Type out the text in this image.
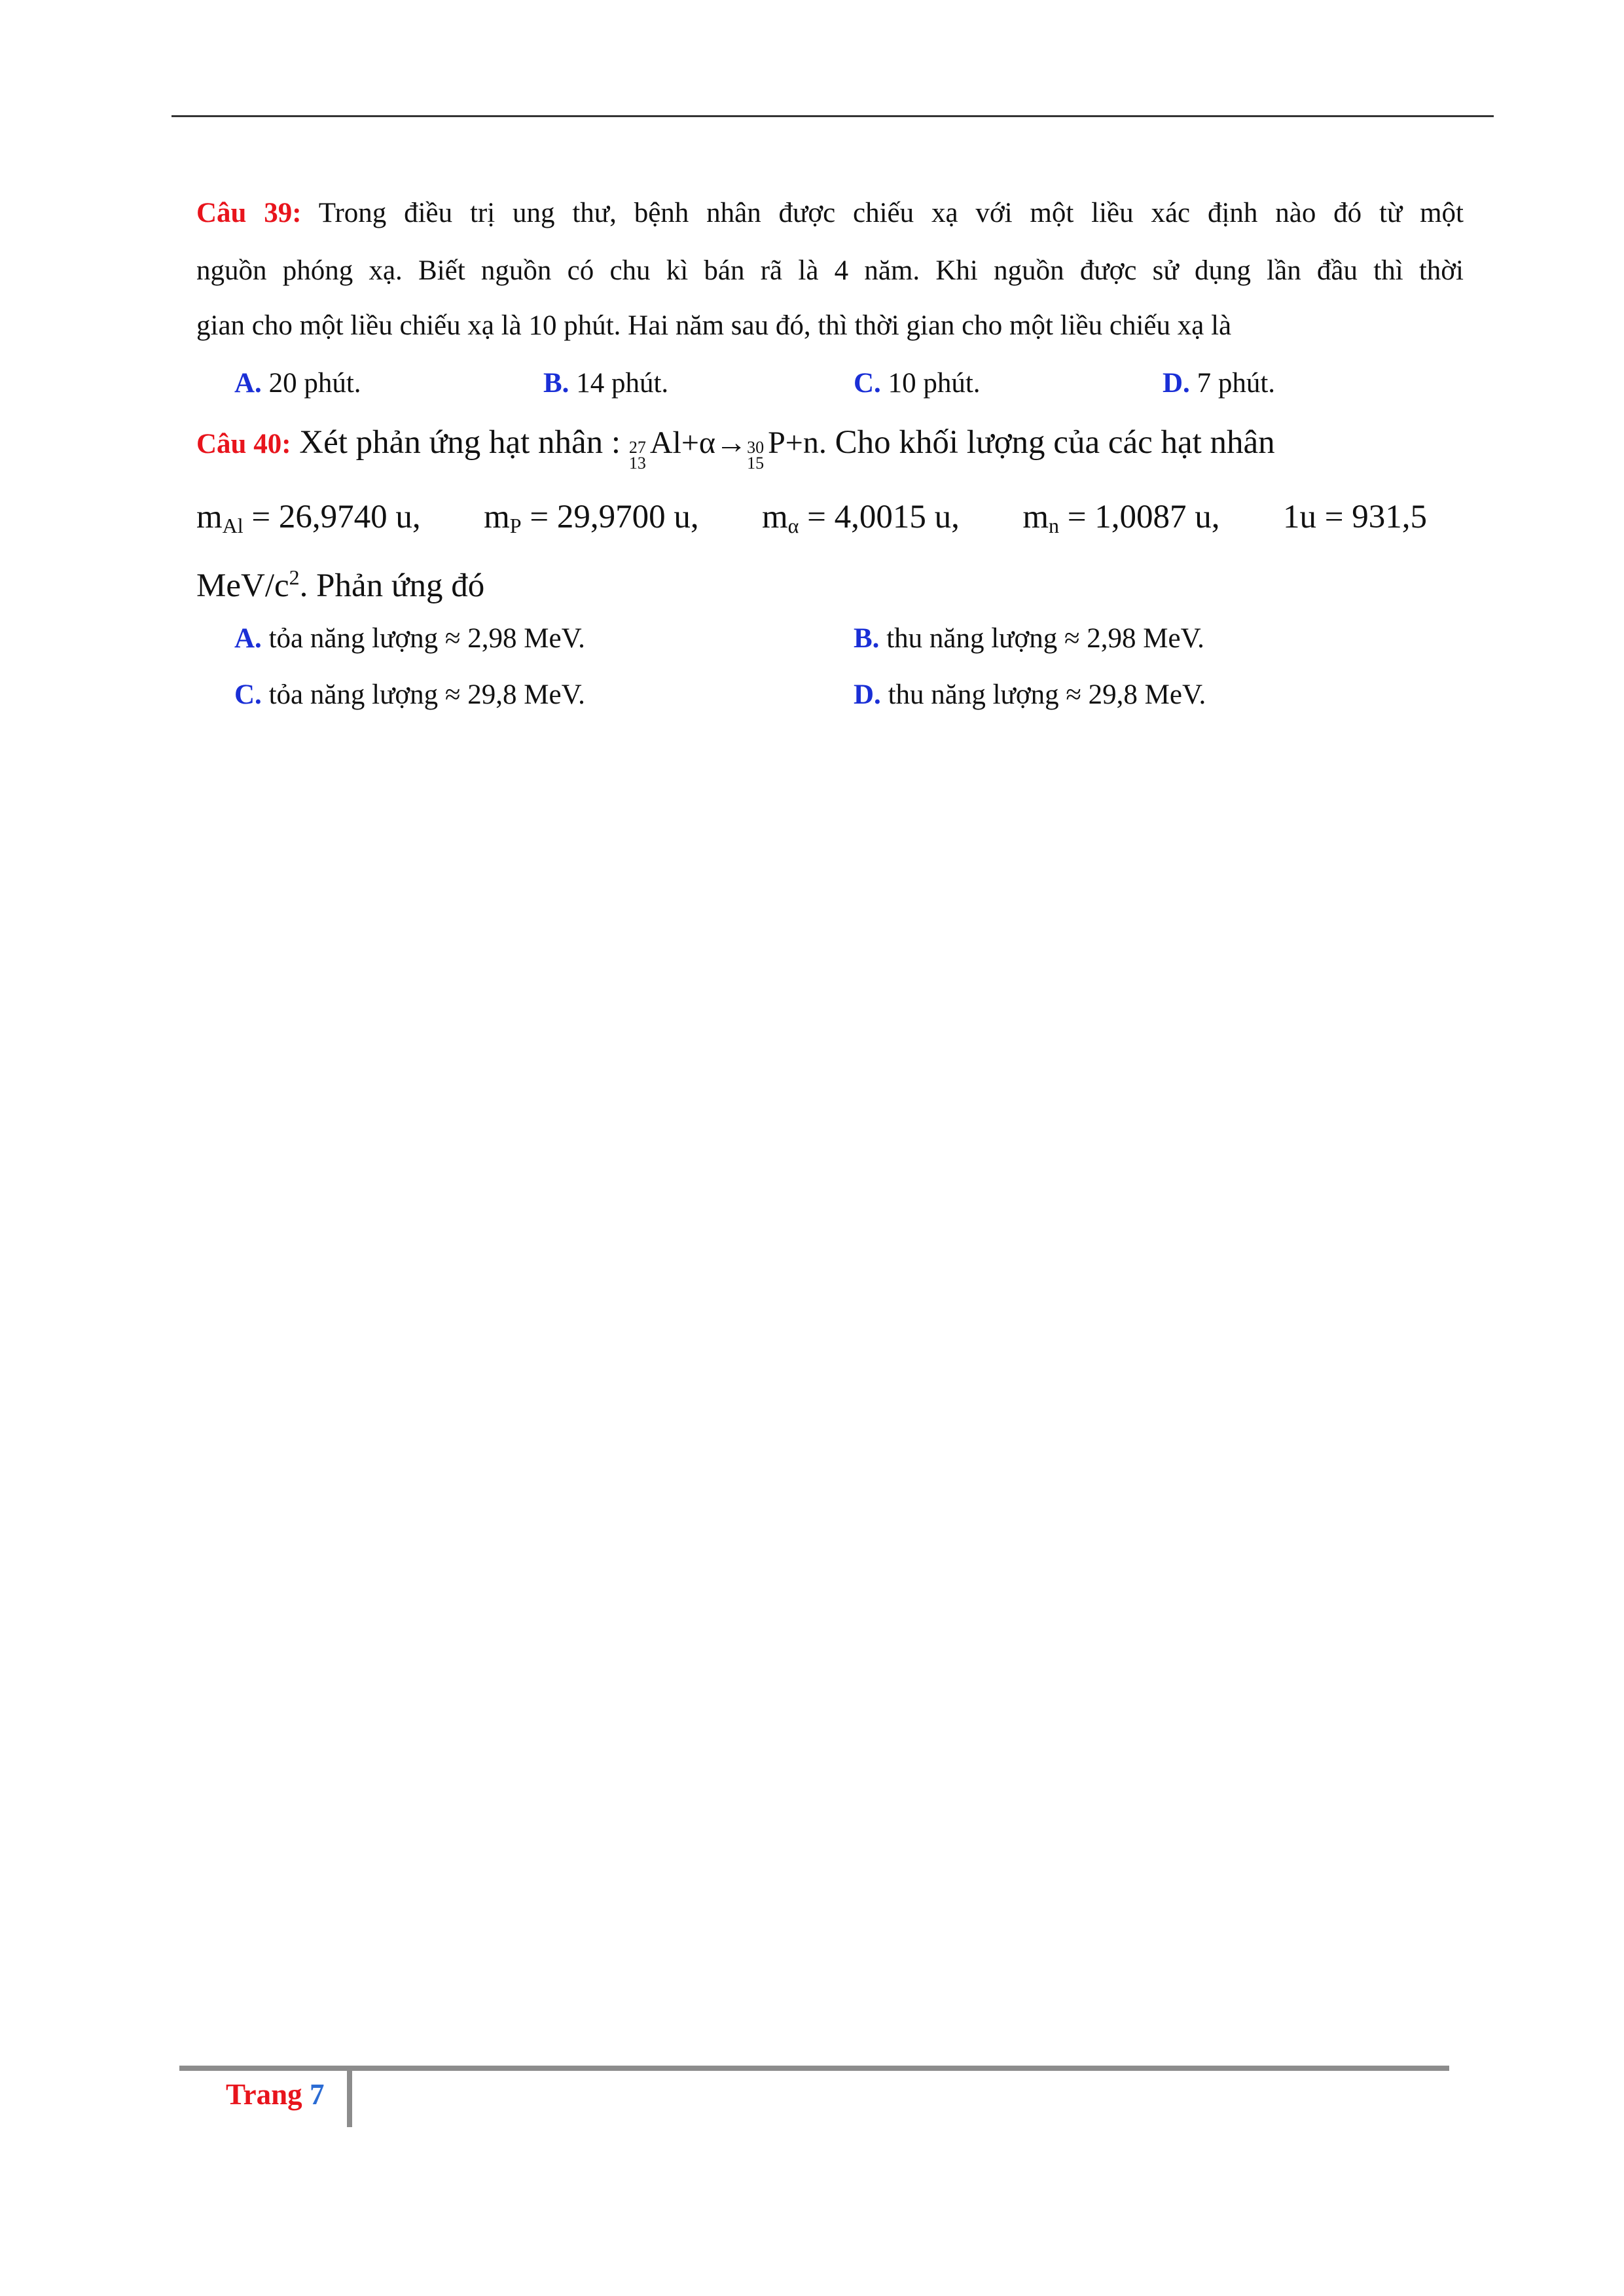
Câu 39: Trong điều trị ung thư, bệnh nhân được chiếu xạ với một liều xác định nào đó từ một
nguồn phóng xạ. Biết nguồn có chu kì bán rã là 4 năm. Khi nguồn được sử dụng lần đầu thì thời
gian cho một liều chiếu xạ là 10 phút. Hai năm sau đó, thì thời gian cho một liều chiếu xạ là
A. 20 phút.	B. 14 phút.	C. 10 phút.	D. 7 phút.
Câu 40: Xét phản ứng hạt nhân : 27
13
Al +α→ 30
15
P +n. Cho khối lượng của các hạt nhân
$m_{Al} = 26,9740$ u, $m_P = 29,9700$ u, $m_\alpha = 4,0015$ u, $m_n = 1,0087$ u, 1u = 931,5
MeV/$c^2$. Phản ứng đó
A. tỏa năng lượng ≈ 2,98 MeV.	B. thu năng lượng ≈ 2,98 MeV.
C. tỏa năng lượng ≈ 29,8 MeV.	D. thu năng lượng ≈ 29,8 MeV.
Trang 7
